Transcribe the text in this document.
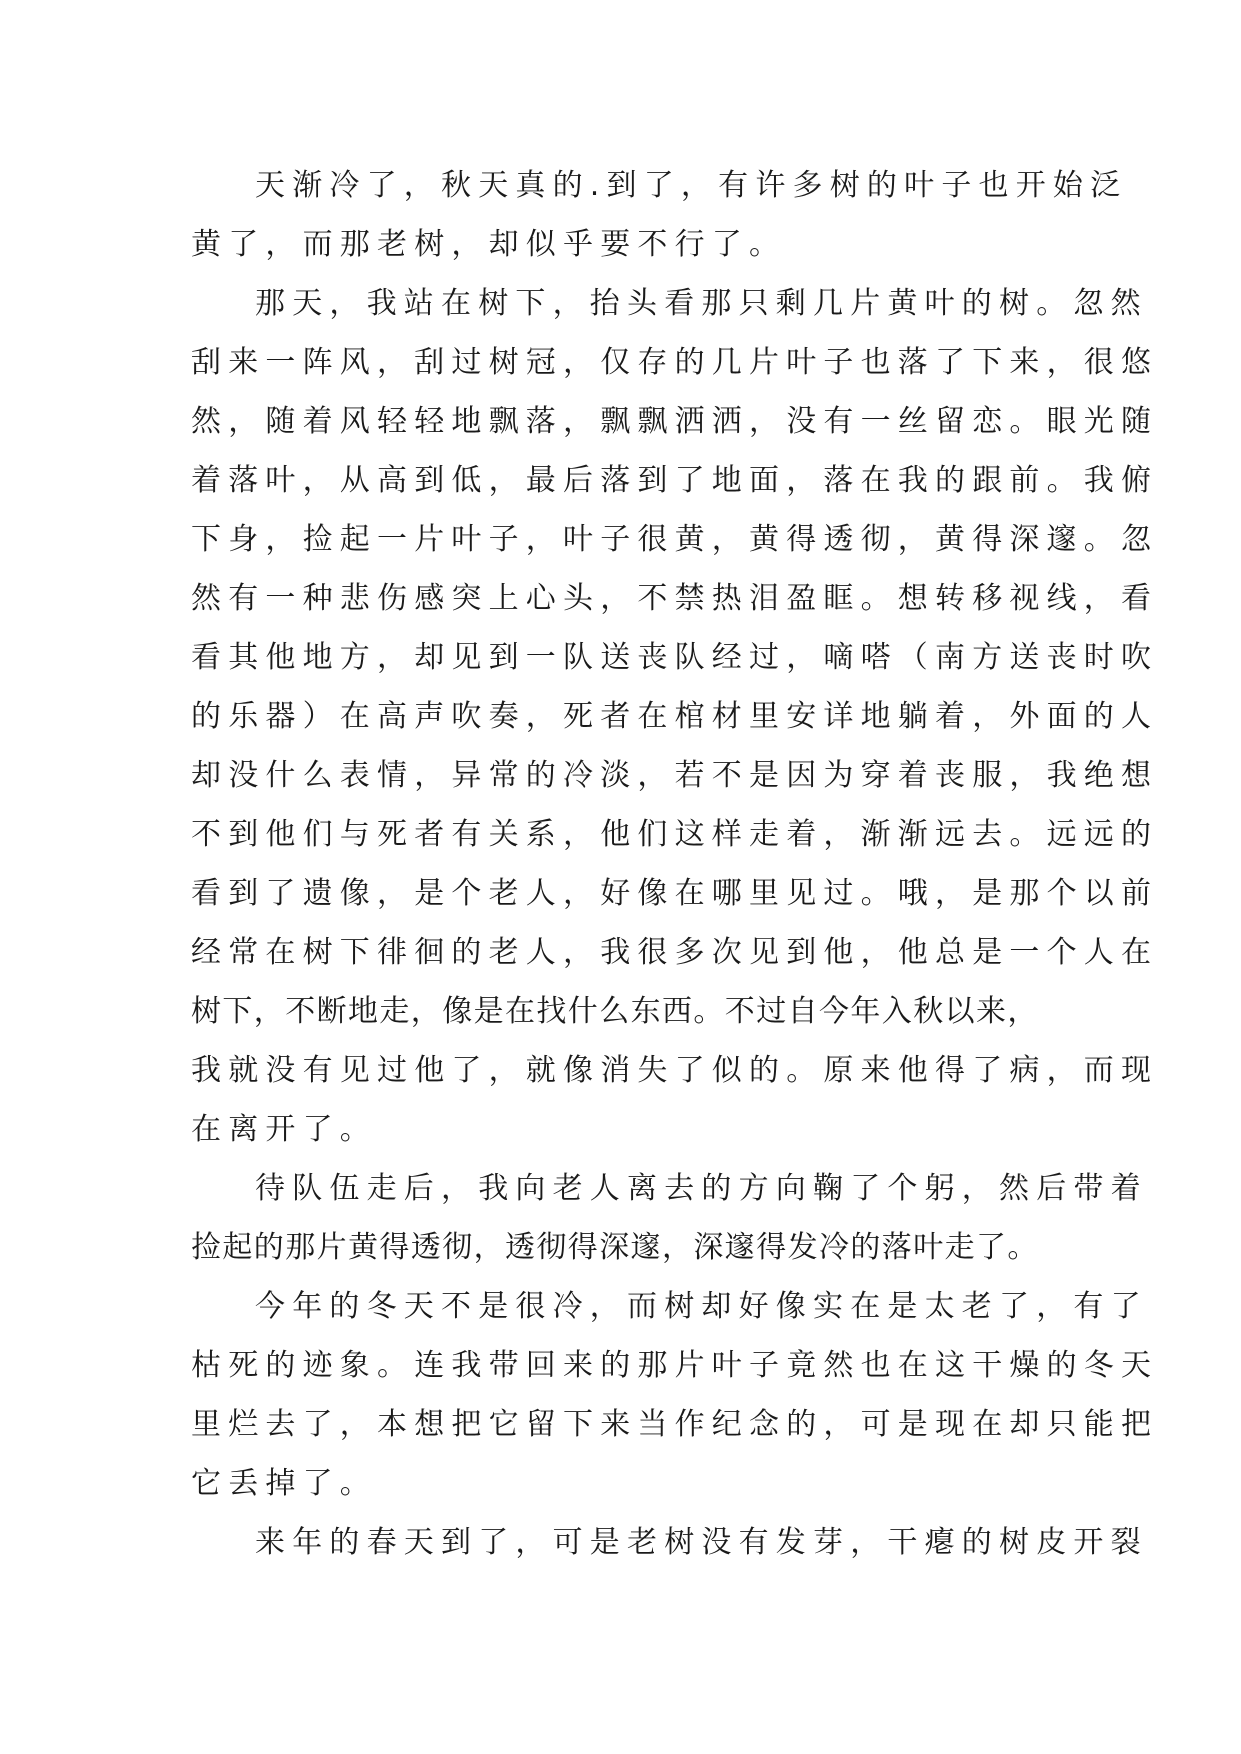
天渐冷了，秋天真的.到了，有许多树的叶子也开始泛
黄了，而那老树，却似乎要不行了。
那天，我站在树下，抬头看那只剩几片黄叶的树。忽然
刮来一阵风，刮过树冠，仅存的几片叶子也落了下来，很悠
然，随着风轻轻地飘落，飘飘洒洒，没有一丝留恋。眼光随
着落叶，从高到低，最后落到了地面，落在我的跟前。我俯
下身，捡起一片叶子，叶子很黄，黄得透彻，黄得深邃。忽
然有一种悲伤感突上心头，不禁热泪盈眶。想转移视线，看
看其他地方，却见到一队送丧队经过，嘀嗒（南方送丧时吹
的乐器）在高声吹奏，死者在棺材里安详地躺着，外面的人
却没什么表情，异常的冷淡，若不是因为穿着丧服，我绝想
不到他们与死者有关系，他们这样走着，渐渐远去。远远的
看到了遗像，是个老人，好像在哪里见过。哦，是那个以前
经常在树下徘徊的老人，我很多次见到他，他总是一个人在
树下，不断地走，像是在找什么东西。不过自今年入秋以来，
我就没有见过他了，就像消失了似的。原来他得了病，而现
在离开了。
待队伍走后，我向老人离去的方向鞠了个躬，然后带着
捡起的那片黄得透彻，透彻得深邃，深邃得发冷的落叶走了。
今年的冬天不是很冷，而树却好像实在是太老了，有了
枯死的迹象。连我带回来的那片叶子竟然也在这干燥的冬天
里烂去了，本想把它留下来当作纪念的，可是现在却只能把
它丢掉了。
来年的春天到了，可是老树没有发芽，干瘪的树皮开裂
